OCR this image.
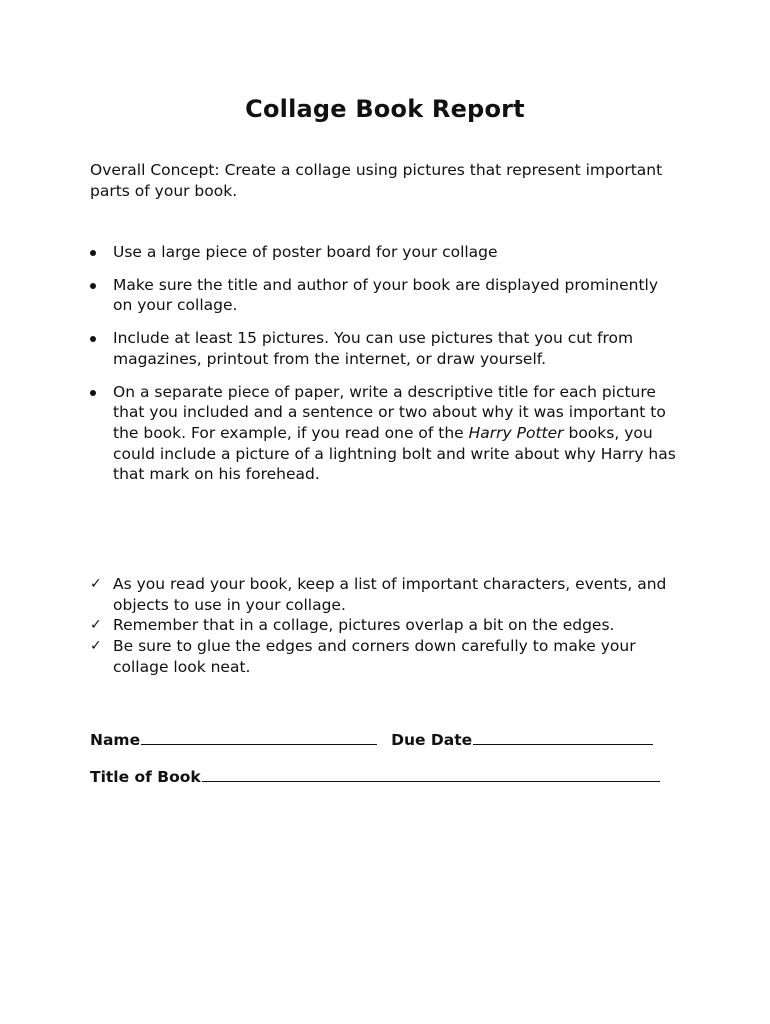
Collage Book Report
Overall Concept: Create a collage using pictures that represent important parts of your book.
Use a large piece of poster board for your collage
Make sure the title and author of your book are displayed prominently on your collage.
Include at least 15 pictures. You can use pictures that you cut from magazines, printout from the internet, or draw yourself.
On a separate piece of paper, write a descriptive title for each picture that you included and a sentence or two about why it was important to the book. For example, if you read one of the Harry Potter books, you could include a picture of a lightning bolt and write about why Harry has that mark on his forehead.
✓ As you read your book, keep a list of important characters, events, and objects to use in your collage.
✓ Remember that in a collage, pictures overlap a bit on the edges.
✓ Be sure to glue the edges and corners down carefully to make your collage look neat.
Name	Due Date
Title of Book
